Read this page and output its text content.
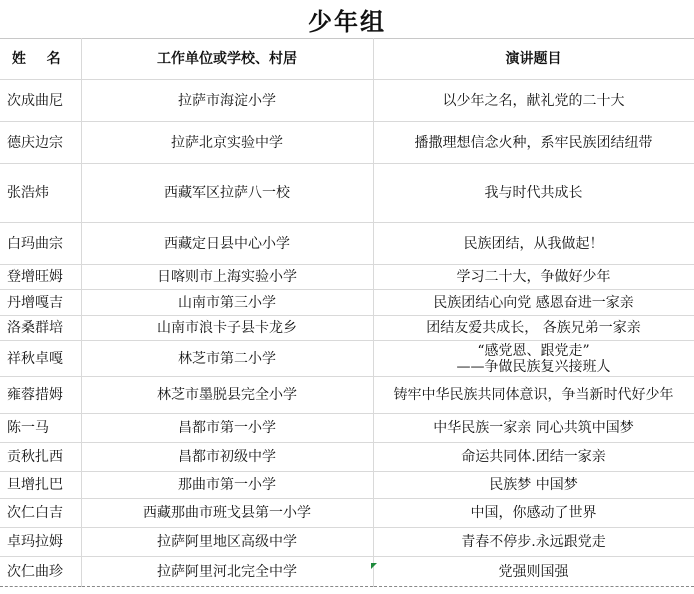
少年组
姓 名	工作单位或学校、村居	演讲题目
次成曲尼	拉萨市海淀小学	以少年之名，献礼党的二十大
德庆边宗	拉萨北京实验中学	播撒理想信念火种，系牢民族团结纽带
张浩炜	西藏军区拉萨八一校	我与时代共成长
白玛曲宗	西藏定日县中心小学	民族团结，从我做起！
登增旺姆	日喀则市上海实验小学	学习二十大，争做好少年
丹增嘎吉	山南市第三小学	民族团结心向党 感恩奋进一家亲
洛桑群培	山南市浪卡子县卡龙乡	团结友爱共成长， 各族兄弟一家亲
祥秋卓嘎	林芝市第二小学	“感党恩、跟党走”
——争做民族复兴接班人
雍蓉措姆	林芝市墨脱县完全小学	铸牢中华民族共同体意识，争当新时代好少年
陈一马	昌都市第一小学	中华民族一家亲 同心共筑中国梦
贡秋扎西	昌都市初级中学	命运共同体.团结一家亲
旦增扎巴	那曲市第一小学	民族梦 中国梦
次仁白吉	西藏那曲市班戈县第一小学	中国，你感动了世界
卓玛拉姆	拉萨阿里地区高级中学	青春不停步.永远跟党走
次仁曲珍	拉萨阿里河北完全中学	党强则国强
